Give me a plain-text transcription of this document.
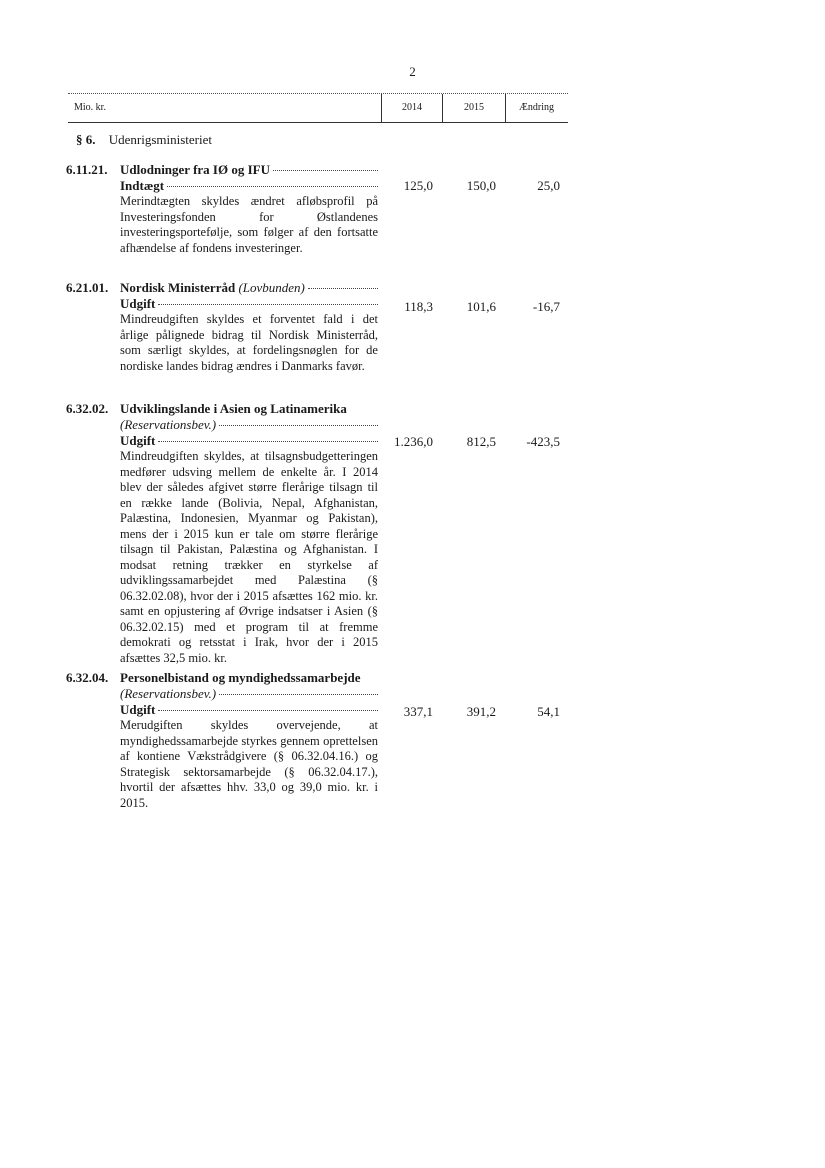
2
Mio. kr.	2014	2015	Ændring
§ 6. Udenrigsministeriet
6.11.21. Udlodninger fra IØ og IFU
Indtægt
Merindtægten skyldes ændret afløbsprofil på Investeringsfonden for Østlandenes investeringsportefølje, som følger af den fortsatte afhændelse af fondens investeringer.
125,0	150,0	25,0
6.21.01. Nordisk Ministerråd
(Lovbunden)
Udgift
Mindreudgiften skyldes et forventet fald i det årlige pålignede bidrag til Nordisk Ministerråd, som særligt skyldes, at fordelingsnøglen for de nordiske landes bidrag ændres i Danmarks favør.
118,3	101,6	-16,7
6.32.02. Udviklingslande i Asien og Latinamerika
(Reservationsbev.)
Udgift
Mindreudgiften skyldes, at tilsagnsbudgetteringen medfører udsving mellem de enkelte år. I 2014 blev der således afgivet større flerårige tilsagn til en række lande (Bolivia, Nepal, Afghanistan, Palæstina, Indonesien, Myanmar og Pakistan), mens der i 2015 kun er tale om større flerårige tilsagn til Pakistan, Palæstina og Afghanistan. I modsat retning trækker en styrkelse af udviklingssamarbejdet med Palæstina (§ 06.32.02.08), hvor der i 2015 afsættes 162 mio. kr. samt en opjustering af Øvrige indsatser i Asien (§ 06.32.02.15) med et program til at fremme demokrati og retsstat i Irak, hvor der i 2015 afsættes 32,5 mio. kr.
1.236,0	812,5	-423,5
6.32.04. Personelbistand og myndighedssamarbejde
(Reservationsbev.)
Udgift
Merudgiften skyldes overvejende, at myndighedssamarbejde styrkes gennem oprettelsen af kontiene Vækstrådgivere (§ 06.32.04.16.) og Strategisk sektorsamarbejde (§ 06.32.04.17.), hvortil der afsættes hhv. 33,0 og 39,0 mio. kr. i 2015.
337,1	391,2	54,1
